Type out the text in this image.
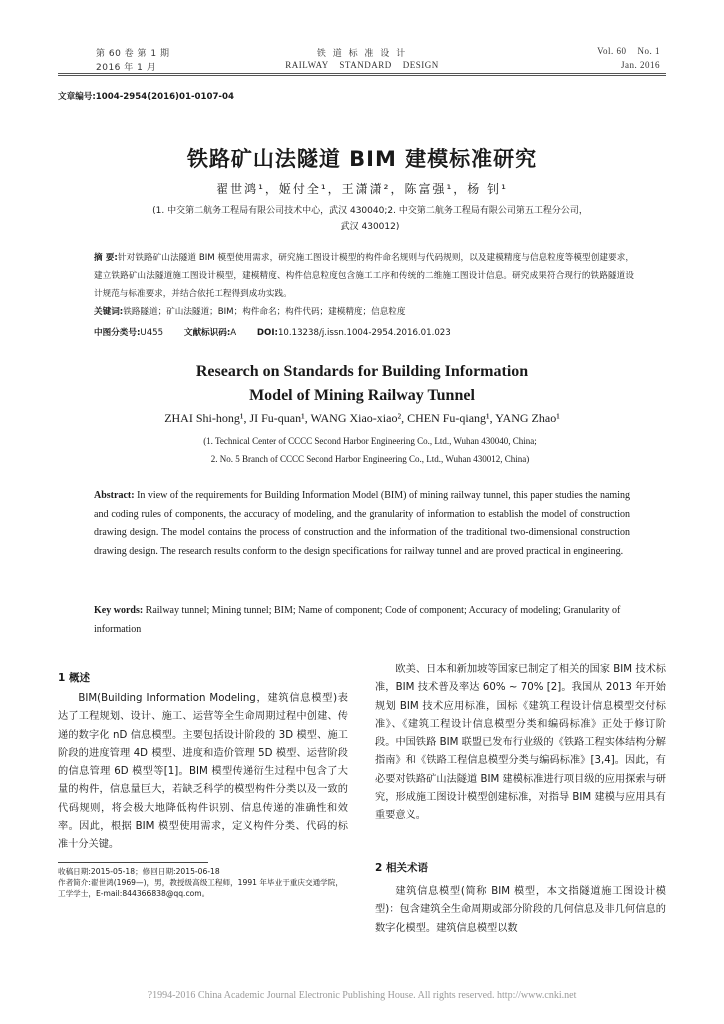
第 60 卷 第 1 期
2016 年 1 月
铁 道 标 准 设 计
RAILWAY    STANDARD    DESIGN
Vol. 60    No. 1
Jan. 2016
文章编号:1004-2954(2016)01-0107-04
铁路矿山法隧道 BIM 建模标准研究
翟世鸿¹，姬付全¹，王潇潇²，陈富强¹，杨 钊¹
(1. 中交第二航务工程局有限公司技术中心，武汉 430040;2. 中交第二航务工程局有限公司第五工程分公司，武汉 430012)
摘 要:针对铁路矿山法隧道 BIM 模型使用需求，研究施工图设计模型的构件命名规则与代码规则，以及建模精度与信息粒度等模型创建要求，建立铁路矿山法隧道施工图设计模型，建模精度、构件信息粒度包含施工工序和传统的二维施工图设计信息。研究成果符合现行的铁路隧道设计规范与标准要求，并结合依托工程得到成功实践。
关键词:铁路隧道；矿山法隧道；BIM；构件命名；构件代码；建模精度；信息粒度
中图分类号:U455 文献标识码:A DOI:10.13238/j.issn.1004-2954.2016.01.023
Research on Standards for Building Information
Model of Mining Railway Tunnel
ZHAI Shi-hong¹, JI Fu-quan¹, WANG Xiao-xiao², CHEN Fu-qiang¹, YANG Zhao¹
(1. Technical Center of CCCC Second Harbor Engineering Co., Ltd., Wuhan 430040, China;
2. No. 5 Branch of CCCC Second Harbor Engineering Co., Ltd., Wuhan 430012, China)
Abstract: In view of the requirements for Building Information Model (BIM) of mining railway tunnel, this paper studies the naming and coding rules of components, the accuracy of modeling, and the granularity of information to establish the model of construction drawing design. The model contains the process of construction and the information of the traditional two-dimensional construction drawing design. The research results conform to the design specifications for railway tunnel and are proved practical in engineering.
Key words: Railway tunnel; Mining tunnel; BIM; Name of component; Code of component; Accuracy of modeling; Granularity of information
1 概述

BIM(Building Information Modeling，建筑信息模型)表达了工程规划、设计、施工、运营等全生命周期过程中创建、传递的数字化 nD 信息模型。主要包括设计阶段的 3D 模型、施工阶段的进度管理 4D 模型、进度和造价管理 5D 模型、运营阶段的信息管理 6D 模型等[1]。BIM 模型传递衍生过程中包含了大量的构件，信息量巨大，若缺乏科学的模型构件分类以及一致的代码规则，将会极大地降低构件识别、信息传递的准确性和效率。因此，根据 BIM 模型使用需求，定义构件分类、代码的标准十分关键。

收稿日期:2015-05-18；修回日期:2015-06-18
作者简介:翟世鸿(1969—)，男，教授级高级工程师，1991 年毕业于重庆交通学院，工学学士，E-mail:844366838@qq.com。

欧美、日本和新加坡等国家已制定了相关的国家 BIM 技术标准，BIM 技术普及率达 60% ~ 70% [2]。我国从 2013 年开始规划 BIM 技术应用标准，国标《建筑工程设计信息模型交付标准》、《建筑工程设计信息模型分类和编码标准》正处于修订阶段。中国铁路 BIM 联盟已发布行业级的《铁路工程实体结构分解指南》和《铁路工程信息模型分类与编码标准》[3,4]。因此，有必要对铁路矿山法隧道 BIM 建模标准进行项目级的应用探索与研究，形成施工图设计模型创建标准，对指导 BIM 建模与应用具有重要意义。

2 相关术语

建筑信息模型(简称 BIM 模型，本文指隧道施工图设计模型)：包含建筑全生命周期或部分阶段的几何信息及非几何信息的数字化模型。建筑信息模型以数

?1994-2016 China Academic Journal Electronic Publishing House. All rights reserved. http://www.cnki.net
